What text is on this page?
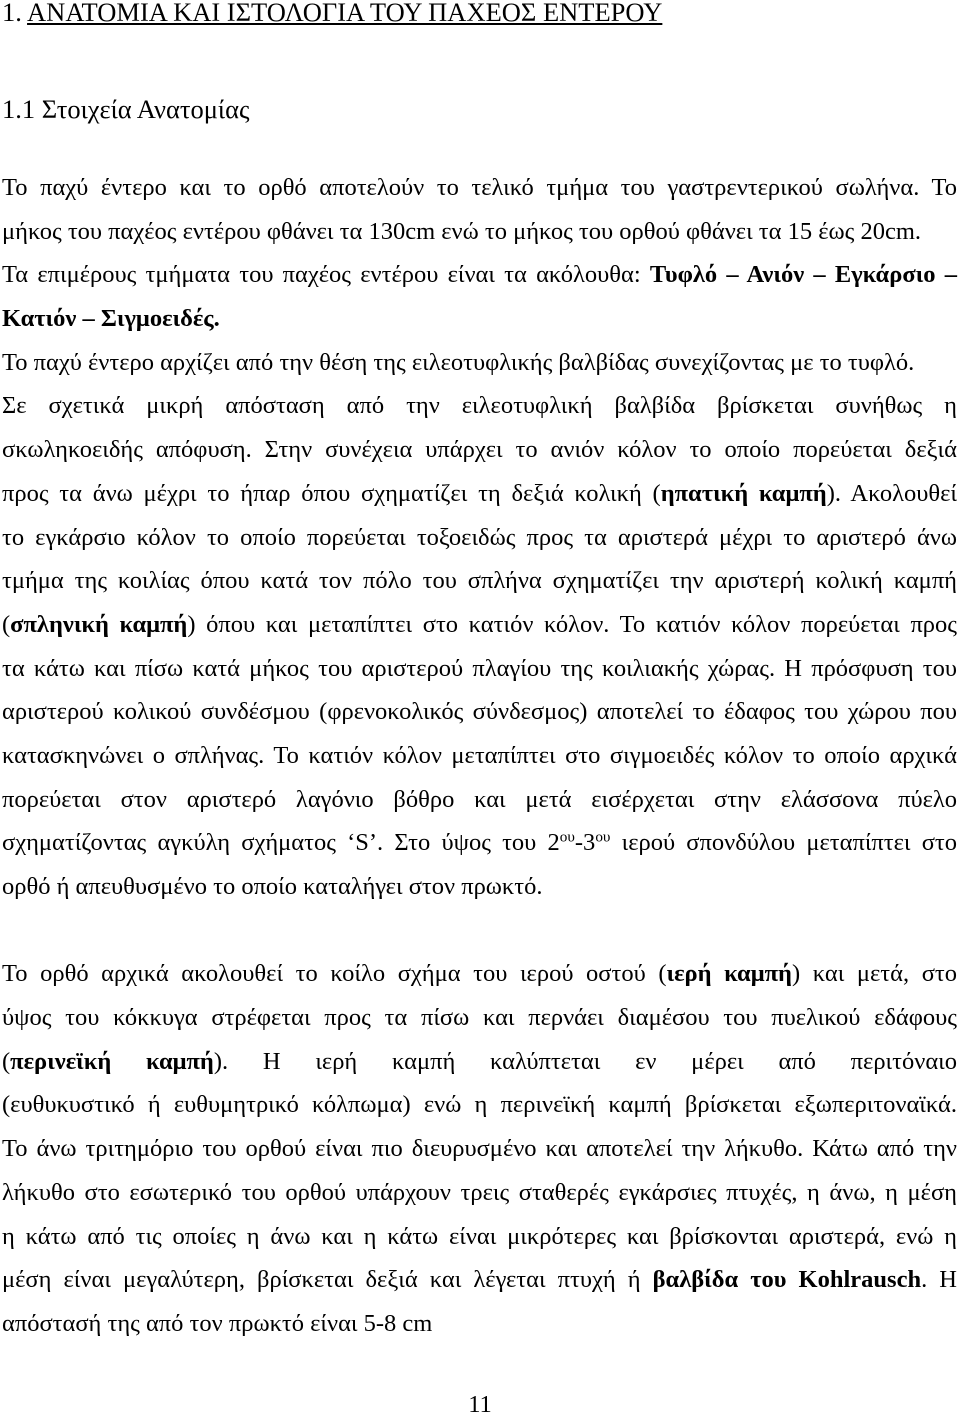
1. ΑΝΑΤΟΜΙΑ ΚΑΙ ΙΣΤΟΛΟΓΙΑ ΤΟΥ ΠΑΧΕΟΣ ΕΝΤΕΡΟΥ
1.1 Στοιχεία Ανατομίας
Το παχύ έντερο και το ορθό αποτελούν το τελικό τμήμα του γαστρεντερικού σωλήνα. Το
μήκος του παχέος εντέρου φθάνει τα 130cm ενώ το μήκος του ορθού φθάνει τα 15 έως 20cm.
Τα επιμέρους τμήματα του παχέος εντέρου είναι τα ακόλουθα: Τυφλό – Ανιόν – Εγκάρσιο –
Κατιόν – Σιγμοειδές.
Το παχύ έντερο αρχίζει από την θέση της ειλεοτυφλικής βαλβίδας συνεχίζοντας με το τυφλό.
Σε σχετικά μικρή απόσταση από την ειλεοτυφλική βαλβίδα βρίσκεται συνήθως η
σκωληκοειδής απόφυση. Στην συνέχεια υπάρχει το ανιόν κόλον το οποίο πορεύεται δεξιά
προς τα άνω μέχρι το ήπαρ όπου σχηματίζει τη δεξιά κολική (ηπατική καμπή). Ακολουθεί
το εγκάρσιο κόλον το οποίο πορεύεται τοξοειδώς προς τα αριστερά μέχρι το αριστερό άνω
τμήμα της κοιλίας όπου κατά τον πόλο του σπλήνα σχηματίζει την αριστερή κολική καμπή
(σπληνική καμπή) όπου και μεταπίπτει στο κατιόν κόλον. Το κατιόν κόλον πορεύεται προς
τα κάτω και πίσω κατά μήκος του αριστερού πλαγίου της κοιλιακής χώρας. Η πρόσφυση του
αριστερού κολικού συνδέσμου (φρενοκολικός σύνδεσμος) αποτελεί το έδαφος του χώρου που
κατασκηνώνει ο σπλήνας. Το κατιόν κόλον μεταπίπτει στο σιγμοειδές κόλον το οποίο αρχικά
πορεύεται στον αριστερό λαγόνιο βόθρο και μετά εισέρχεται στην ελάσσονα πύελο
σχηματίζοντας αγκύλη σχήματος ‘S’. Στο ύψος του $2^{o\upsilon}-3^{o\upsilon}$ ιερού σπονδύλου μεταπίπτει στο
ορθό ή απευθυσμένο το οποίο καταλήγει στον πρωκτό.
Το ορθό αρχικά ακολουθεί το κοίλο σχήμα του ιερού οστού (ιερή καμπή) και μετά, στο
ύψος του κόκκυγα στρέφεται προς τα πίσω και περνάει διαμέσου του πυελικού εδάφους
(περινεϊκή καμπή). Η ιερή καμπή καλύπτεται εν μέρει από περιτόναιο
(ευθυκυστικό ή ευθυμητρικό κόλπωμα) ενώ η περινεϊκή καμπή βρίσκεται εξωπεριτοναϊκά.
Το άνω τριτημόριο του ορθού είναι πιο διευρυσμένο και αποτελεί την λήκυθο. Κάτω από την
λήκυθο στο εσωτερικό του ορθού υπάρχουν τρεις σταθερές εγκάρσιες πτυχές, η άνω, η μέση
η κάτω από τις οποίες η άνω και η κάτω είναι μικρότερες και βρίσκονται αριστερά, ενώ η
μέση είναι μεγαλύτερη, βρίσκεται δεξιά και λέγεται πτυχή ή βαλβίδα του Kohlrausch. Η
απόστασή της από τον πρωκτό είναι 5-8 cm
11
